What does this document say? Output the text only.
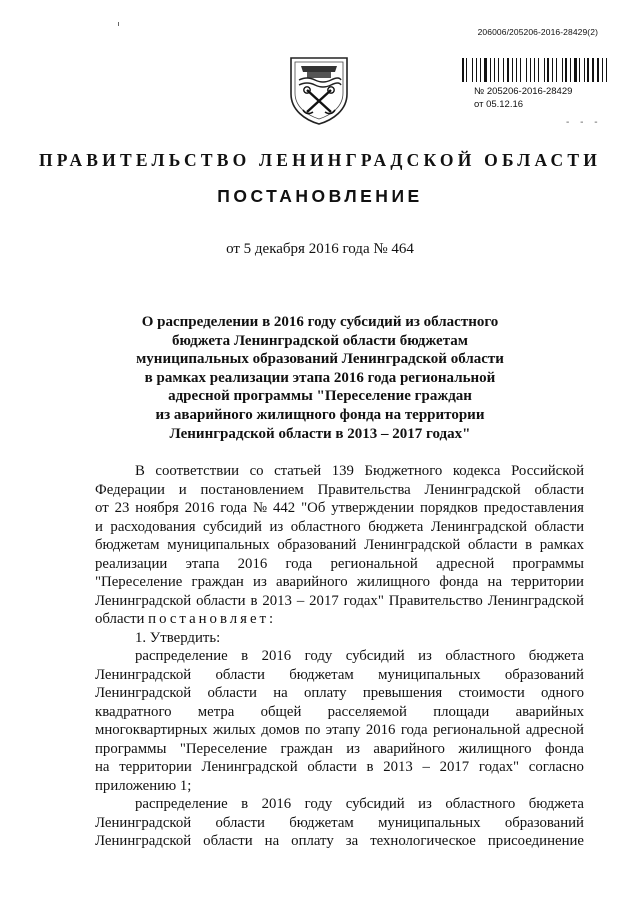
206006/205206-2016-28429(2)
№ 205206-2016-28429
от 05.12.16
- - -
ПРАВИТЕЛЬСТВО ЛЕНИНГРАДСКОЙ ОБЛАСТИ
ПОСТАНОВЛЕНИЕ
от 5 декабря 2016 года № 464
О распределении в 2016 году субсидий из областного
бюджета Ленинградской области бюджетам
муниципальных образований Ленинградской области
в рамках реализации этапа 2016 года региональной
адресной программы "Переселение граждан
из аварийного жилищного фонда на территории
Ленинградской области в 2013 – 2017 годах"
В соответствии со статьей 139 Бюджетного кодекса Российской
Федерации и постановлением Правительства Ленинградской области
от 23 ноября 2016 года № 442 "Об утверждении порядков предоставления
и расходования субсидий из областного бюджета Ленинградской области
бюджетам муниципальных образований Ленинградской области в рамках
реализации этапа 2016 года региональной адресной программы
"Переселение граждан из аварийного жилищного фонда на территории
Ленинградской области в 2013 – 2017 годах" Правительство Ленинградской
области постановляет:
1. Утвердить:
распределение в 2016 году субсидий из областного бюджета
Ленинградской области бюджетам муниципальных образований
Ленинградской области на оплату превышения стоимости одного
квадратного метра общей расселяемой площади аварийных
многоквартирных жилых домов по этапу 2016 года региональной адресной
программы "Переселение граждан из аварийного жилищного фонда
на территории Ленинградской области в 2013 – 2017 годах" согласно
приложению 1;
распределение в 2016 году субсидий из областного бюджета
Ленинградской области бюджетам муниципальных образований
Ленинградской области на оплату за технологическое присоединение
